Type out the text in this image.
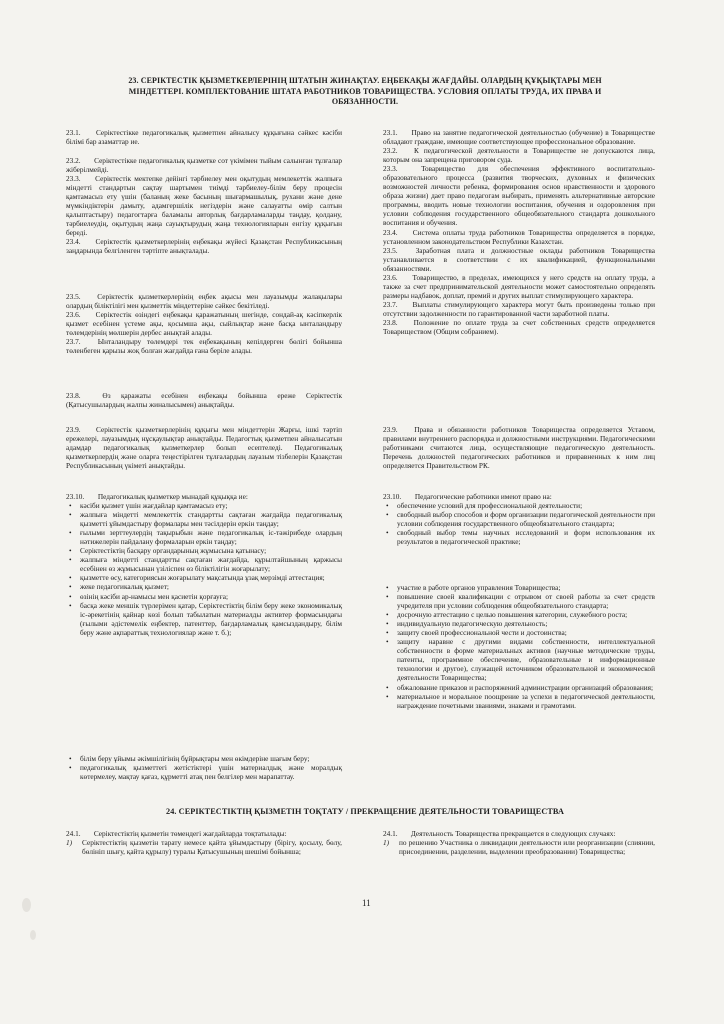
23. СЕРІКТЕСТІК ҚЫЗМЕТКЕРЛЕРІНІҢ ШТАТЫН ЖИНАҚТАУ. ЕҢБЕКАҚЫ ЖАҒДАЙЫ. ОЛАРДЫҢ ҚҰҚЫҚТАРЫ МЕН
МІНДЕТТЕРІ. КОМПЛЕКТОВАНИЕ ШТАТА РАБОТНИКОВ ТОВАРИЩЕСТВА. УСЛОВИЯ ОПЛАТЫ ТРУДА, ИХ ПРАВА И
ОБЯЗАННОСТИ.

23.1. Серіктестікке педагогикалық қызметпен айналысу құқығына сәйкес кәсіби білімі бар азаматтар ие.

23.2. Серіктестікке педагогикалық қызметке сот үкімімен тыйым салынған тұлғалар жіберілмейді.

23.3. Серіктестік мектепке дейінгі тәрбиелеу мен оқытудың мемлекеттік жалпыға міндетті стандартын сақтау шартымен тиімді тәрбиелеу-білім беру процесін қамтамасыз ету үшін (баланың жеке басының шығармашылық, рухани және дене мүмкіндіктерін дамыту, адамгершілік негіздерін және салауатты өмір салтын қалыптастыру) педагогтарға баламалы авторлық бағдарламаларды таңдау, қолдану, тәрбиелеудің, оқытудың жаңа сауықтырудың жаңа технологияларын енгізу құқығын береді.

23.4. Серіктестік қызметкерлерінің еңбекақы жүйесі Қазақстан Республикасының заңдарында белгіленген тәртіпте анықталады.

23.5. Серіктестік қызметкерлерінің еңбек ақысы мен лауазымды жалақылары олардың біліктілігі мен қызметтік міндеттеріне сәйкес бекітіледі.

23.6. Серіктестік өзіндегі еңбекақы қаражатының шегінде, сондай-ақ кәсіпкерлік қызмет есебінен үстеме ақы, қосымша ақы, сыйлықтар және басқа ынталандыру төлемдерінің мөлшерін дербес анықтай алады.

23.7. Ынталандыру төлемдері тек еңбекақының кепілдерген бөлігі бойынша төленбеген қарызы жоқ болған жағдайда ғана беріле алады.

23.8.	Өз қаражаты есебінен еңбекақы бойынша ереже Серіктестік (Қатысушылардың жалпы жиналысымен) анықтайды.

23.9. Серіктестік қызметкерлерінің құқығы мен міндеттерін Жарғы, ішкі тәртіп ережелері, лауазымдық нұсқаулықтар анықтайды. Педагогтық қызметпен айналысатын адамдар педагогикалық қызметкерлер болып есептеледі. Педагогикалық қызметкерлердің және оларға теңестірілген тұлғалардың лауазым тізбелерін Қазақстан Республикасының үкіметі анықтайды.

23.10. Педагогикалық қызметкер мынадай құқыққа ие:

• кәсіби қызмет үшін жағдайлар қамтамасыз ету;
• жалпыға міндетті мемлекеттік стандартты сақтаған жағдайда педагогикалық қызметті ұйымдастыру формалары мен тәсілдерін еркін таңдау;
• ғылыми зерттеулердің тақырыбын және педагогикалық іс-тәжірибеде олардың нәтижелерін пайдалану формаларын еркін таңдау;
• Серіктестіктің басқару органдарының жұмысына қатынасу;
• жалпыға міндетті стандартты сақтаған жағдайда, құрылтайшының қаржысы есебінен өз жұмысынан үзіліспен өз біліктілігін жоғарылату;
• қызметте өсу, категориясын жоғарылату мақсатында ұзақ мерзімді аттестация;
• жеке педагогикалық қызмет;
• өзінің кәсіби ар-намысы мен қасиетін қорғауға;
• басқа жеке меншік түрлерімен қатар, Серіктестіктің білім беру жеке экономикалық іс-әрекетінің қайнар көзі болып табылатын материалды активтер формасындағы (ғылыми әдістемелік еңбектер, патенттер, бағдарламалық қамсыздандыру, білім беру және ақпараттық технологиялар және т. б.);
• білім беру ұйымы әкімшілігінің бұйрықтары мен өкімдеріне шағым беру;
• педагогикалық қызметтегі жетістіктері үшін материалдық және моралдық көтермелеу, мақтау қағаз, құрметті атақ пен белгілер мен марапаттау.

23.1. Право на занятие педагогической деятельностью (обучение) в Товариществе обладают граждане, имеющие соответствующее профессиональное образование.

23.2. К педагогической деятельности в Товариществе не допускаются лица, которым она запрещена приговором суда.

23.3.	Товарищество для обеспечения эффективного воспитательно-образовательного процесса (развития творческих, духовных и физических возможностей личности ребенка, формирования основ нравственности и здорового образа жизни) дает право педагогам выбирать, применять альтернативные авторские программы, вводить новые технологии воспитания, обучения и оздоровления при условии соблюдения государственного общеобязательного стандарта дошкольного воспитания и обучения.

23.4. Система оплаты труда работников Товарищества определяется в порядке, установленном законодательством Республики Казахстан.

23.5. Заработная плата и должностные оклады работников Товарищества устанавливается в соответствии с их квалификацией, функциональными обязанностями.

23.6. Товарищество, в пределах, имеющихся у него средств на оплату труда, а также за счет предпринимательской деятельности может самостоятельно определять размеры надбавок, доплат, премий и других выплат стимулирующего характера.

23.7. Выплаты стимулирующего характера могут быть произведены только при отсутствии задолженности по гарантированной части заработной платы.

23.8. Положение по оплате труда за счет собственных средств определяется Товариществом (Общим собранием).

23.9. Права и обязанности работников Товарищества определяется Уставом, правилами внутреннего распорядка и должностными инструкциями. Педагогическими работниками считаются лица, осуществляющие педагогическую деятельность. Перечень должностей педагогических работников и приравненных к ним лиц определяется Правительством РК.

23.10. Педагогические работники имеют право на:

• обеспечение условий для профессиональной деятельности;
• свободный выбор способов и форм организации педагогической деятельности при условии соблюдения государственного общеобязательного стандарта;
• свободный выбор темы научных исследований и форм использования их результатов в педагогической практике;
• участие в работе органов управления Товарищества;
• повышение своей квалификации с отрывом от своей работы за счет средств учредителя при условии соблюдения общеобязательного стандарта;
• досрочную аттестацию с целью повышения категории, служебного роста;
• индивидуальную педагогическую деятельность;
• защиту своей профессиональной чести и достоинства;
• защиту наравне с другими видами собственности, интеллектуальной собственности в форме материальных активов (научные методические труды, патенты, программное обеспечение, образовательные и информационные технологии и другое), служащей источником образовательной и экономической деятельности Товарищества;
• обжалование приказов и распоряжений администрации организаций образования;
• материальное и моральное поощрение за успехи в педагогической деятельности, награждение почетными званиями, знаками и грамотами.
24. СЕРІКТЕСТІКТІҢ ҚЫЗМЕТІН ТОҚТАТУ / ПРЕКРАЩЕНИЕ ДЕЯТЕЛЬНОСТИ ТОВАРИЩЕСТВА

24.1. Серіктестіктің қызметін төмендегі жағдайларда тоқтатылады:

1) Серіктестіктің қызметін тарату немесе қайта ұйымдастыру (бірігу, қосылу, бөлу, бөлініп шығу, қайта құрылу) туралы Қатысушының шешімі бойынша;

24.1. Деятельность Товарищества прекращается в следующих случаях:

1) по решению Участника о ликвидации деятельности или реорганизации (слиянии, присоединении, разделении, выделении преобразовании) Товарищества;
11
